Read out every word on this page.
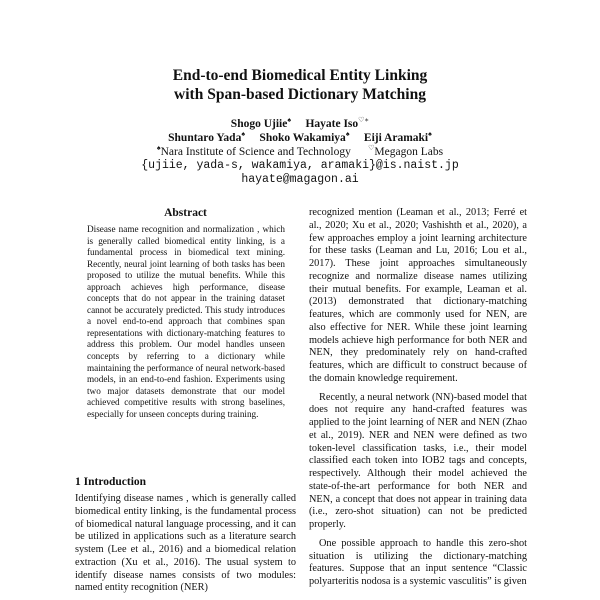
End-to-end Biomedical Entity Linking
with Span-based Dictionary Matching
Shogo Ujiie♠ Hayate Iso♡∗
Shuntaro Yada♠ Shoko Wakamiya♠ Eiji Aramaki♠
♠Nara Institute of Science and Technology ♡Megagon Labs
{ujiie, yada-s, wakamiya, aramaki}@is.naist.jp
hayate@magagon.ai
Abstract
Disease name recognition and normalization , which is generally called biomedical entity linking, is a fundamental process in biomedical text mining. Recently, neural joint learning of both tasks has been proposed to utilize the mutual benefits. While this approach achieves high performance, disease concepts that do not appear in the training dataset cannot be accurately predicted. This study introduces a novel end-to-end approach that combines span representations with dictionary-matching features to address this problem. Our model handles unseen concepts by referring to a dictionary while maintaining the performance of neural network-based models, in an end-to-end fashion. Experiments using two major datasets demonstrate that our model achieved competitive results with strong baselines, especially for unseen concepts during training.
1 Introduction

Identifying disease names , which is generally called biomedical entity linking, is the fundamental process of biomedical natural language processing, and it can be utilized in applications such as a literature search system (Lee et al., 2016) and a biomedical relation extraction (Xu et al., 2016). The usual system to identify disease names consists of two modules: named entity recognition (NER)

recognized mention (Leaman et al., 2013; Ferré et al., 2020; Xu et al., 2020; Vashishth et al., 2020), a few approaches employ a joint learning architecture for these tasks (Leaman and Lu, 2016; Lou et al., 2017). These joint approaches simultaneously recognize and normalize disease names utilizing their mutual benefits. For example, Leaman et al. (2013) demonstrated that dictionary-matching features, which are commonly used for NEN, are also effective for NER. While these joint learning models achieve high performance for both NER and NEN, they predominately rely on hand-crafted features, which are difficult to construct because of the domain knowledge requirement.

Recently, a neural network (NN)-based model that does not require any hand-crafted features was applied to the joint learning of NER and NEN (Zhao et al., 2019). NER and NEN were defined as two token-level classification tasks, i.e., their model classified each token into IOB2 tags and concepts, respectively. Although their model achieved the state-of-the-art performance for both NER and NEN, a concept that does not appear in training data (i.e., zero-shot situation) can not be predicted properly.

One possible approach to handle this zero-shot situation is utilizing the dictionary-matching features. Suppose that an input sentence “Classic polyarteritis nodosa is a systemic vasculitis” is given
